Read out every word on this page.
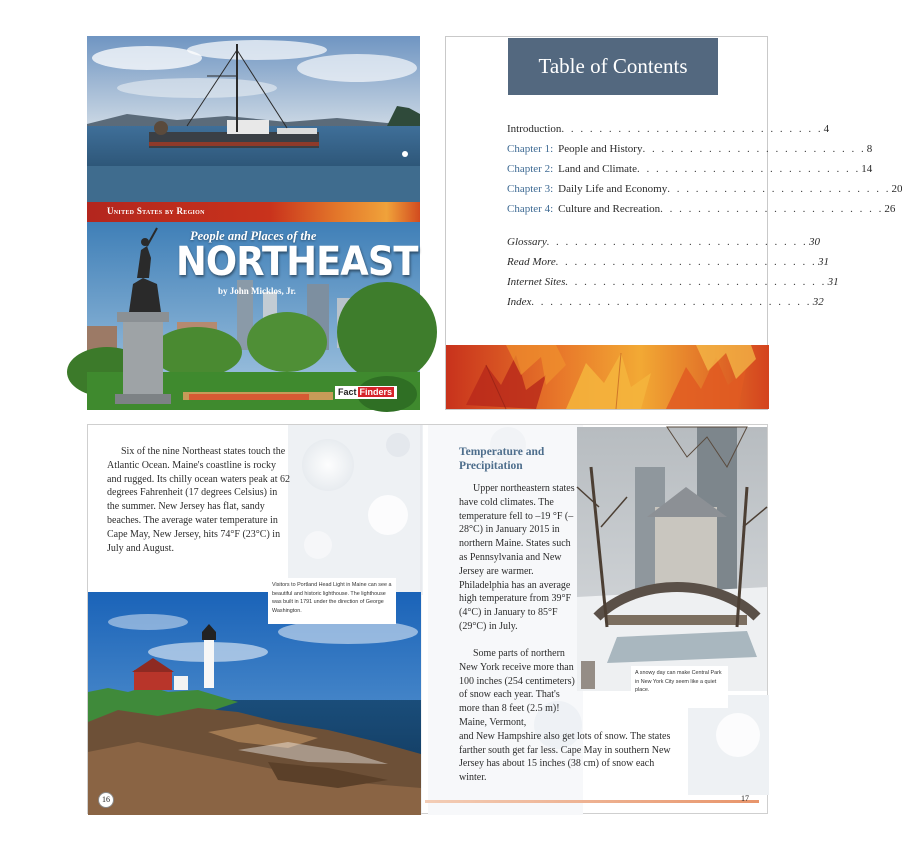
United States by Region
People and Places of the
NORTHEAST
by John Micklos, Jr.
Fact Finders
Table of Contents
Introduction . . . . . . . . . . . . . . . . . . . . . . . . . . . . 4
Chapter 1: People and History . . . . . . . . . . . . . . . . . . . . . . . . 8
Chapter 2: Land and Climate . . . . . . . . . . . . . . . . . . . . . . . . 14
Chapter 3: Daily Life and Economy . . . . . . . . . . . . . . . . . . . . . . . . 20
Chapter 4: Culture and Recreation . . . . . . . . . . . . . . . . . . . . . . . . 26
Glossary . . . . . . . . . . . . . . . . . . . . . . . . . . . . 30
Read More . . . . . . . . . . . . . . . . . . . . . . . . . . . . 31
Internet Sites . . . . . . . . . . . . . . . . . . . . . . . . . . . . 31
Index . . . . . . . . . . . . . . . . . . . . . . . . . . . . . . 32

Six of the nine Northeast states touch the Atlantic Ocean. Maine's coastline is rocky and rugged. Its chilly ocean waters peak at 62 degrees Fahrenheit (17 degrees Celsius) in the summer. New Jersey has flat, sandy beaches. The average water temperature in Cape May, New Jersey, hits 74°F (23°C) in July and August.

Visitors to Portland Head Light in Maine can see a beautiful and historic lighthouse. The lighthouse was built in 1791 under the direction of George Washington.
16
Temperature and
Precipitation

Upper northeastern states have cold climates. The temperature fell to –19 °F (–28°C) in January 2015 in northern Maine. States such as Pennsylvania and New Jersey are warmer. Philadelphia has an average high temperature from 39°F (4°C) in January to 85°F (29°C) in July.

A snowy day can make Central Park in New York City seem like a quiet place.

Some parts of northern New York receive more than 100 inches (254 centimeters) of snow each year. That's more than 8 feet (2.5 m)! Maine, Vermont,
and New Hampshire also get lots of snow. The states farther south get far less. Cape May in southern New Jersey has about 15 inches (38 cm) of snow each winter.

17
